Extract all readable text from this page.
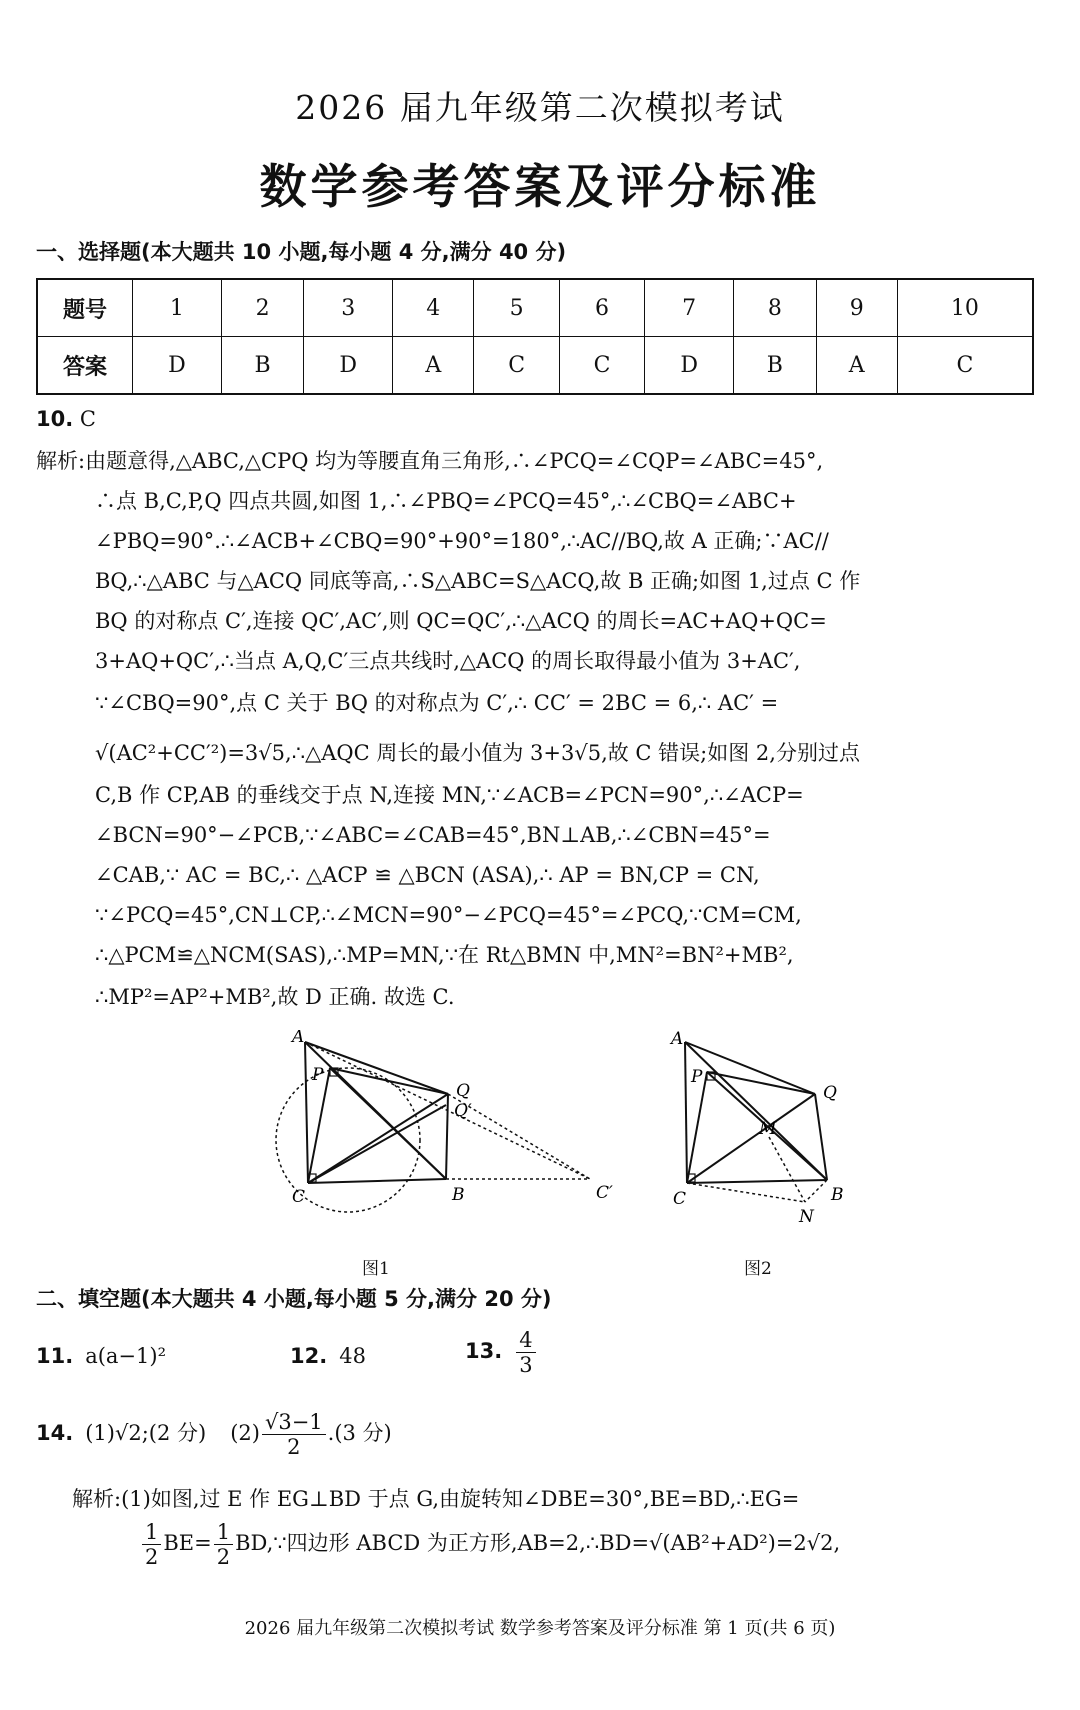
2026 届九年级第二次模拟考试
数学参考答案及评分标准
一、选择题(本大题共 10 小题,每小题 4 分,满分 40 分)
题号	1	2	3	4	5	6	7	8	9	10
答案	D	B	D	A	C	C	D	B	A	C
10. C
解析:由题意得,△ABC,△CPQ 均为等腰直角三角形,∴∠PCQ=∠CQP=∠ABC=45°,
∴点 B,C,P,Q 四点共圆,如图 1,∴∠PBQ=∠PCQ=45°,∴∠CBQ=∠ABC+
∠PBQ=90°.∴∠ACB+∠CBQ=90°+90°=180°,∴AC//BQ,故 A 正确;∵AC//
BQ,∴△ABC 与△ACQ 同底等高,∴S△ABC=S△ACQ,故 B 正确;如图 1,过点 C 作
BQ 的对称点 C′,连接 QC′,AC′,则 QC=QC′,∴△ACQ 的周长=AC+AQ+QC=
3+AQ+QC′,∴当点 A,Q,C′三点共线时,△ACQ 的周长取得最小值为 3+AC′,
∵∠CBQ=90°,点 C 关于 BQ 的对称点为 C′,∴ CC′ = 2BC = 6,∴ AC′ =
√(AC²+CC′²)=3√5,∴△AQC 周长的最小值为 3+3√5,故 C 错误;如图 2,分别过点
C,B 作 CP,AB 的垂线交于点 N,连接 MN,∵∠ACB=∠PCN=90°,∴∠ACP=
∠BCN=90°−∠PCB,∵∠ABC=∠CAB=45°,BN⊥AB,∴∠CBN=45°=
∠CAB,∵ AC = BC,∴ △ACP ≌ △BCN (ASA),∴ AP = BN,CP = CN,
∵∠PCQ=45°,CN⊥CP,∴∠MCN=90°−∠PCQ=45°=∠PCQ,∵CM=CM,
∴△PCM≌△NCM(SAS),∴MP=MN,∵在 Rt△BMN 中,MN²=BN²+MB²,
∴MP²=AP²+MB²,故 D 正确. 故选 C.
A
P
Q
Q′
C	B	C′
图1
A
P
Q
M
C	B
N
图2
二、填空题(本大题共 4 小题,每小题 5 分,满分 20 分)
11. a(a−1)²	12. 48	13. $\frac{4}{3}$
14. (1)√2;(2 分) $(2) \frac{√3-1}{2} .(3$ 分)
解析:(1)如图,过 E 作 EG⊥BD 于点 G,由旋转知∠DBE=30°,BE=BD,∴EG=
$\frac{1}{2} BE= \frac{1}{2}$ BD,∵四边形 ABCD 为正方形,AB=2,∴BD=√(AB²+AD²)=2√2,
2026 届九年级第二次模拟考试 数学参考答案及评分标准 第 1 页(共 6 页)
